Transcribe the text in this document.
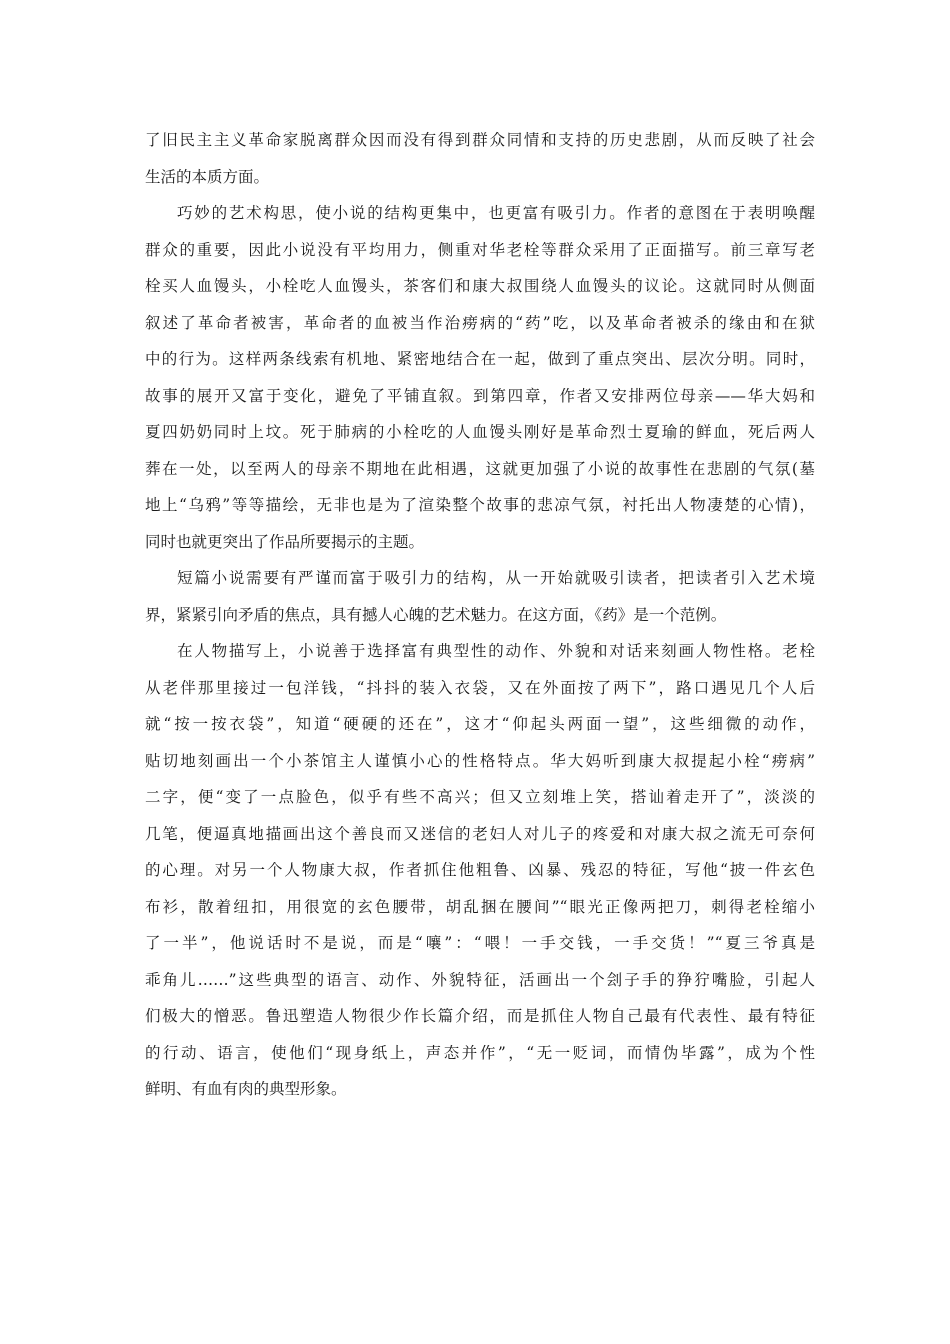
了旧民主主义革命家脱离群众因而没有得到群众同情和支持的历史悲剧，从而反映了社会
生活的本质方面。
巧妙的艺术构思，使小说的结构更集中，也更富有吸引力。作者的意图在于表明唤醒
群众的重要，因此小说没有平均用力，侧重对华老栓等群众采用了正面描写。前三章写老
栓买人血馒头，小栓吃人血馒头，茶客们和康大叔围绕人血馒头的议论。这就同时从侧面
叙述了革命者被害，革命者的血被当作治痨病的“药”吃，以及革命者被杀的缘由和在狱
中的行为。这样两条线索有机地、紧密地结合在一起，做到了重点突出、层次分明。同时，
故事的展开又富于变化，避免了平铺直叙。到第四章，作者又安排两位母亲——华大妈和
夏四奶奶同时上坟。死于肺病的小栓吃的人血馒头刚好是革命烈士夏瑜的鲜血，死后两人
葬在一处，以至两人的母亲不期地在此相遇，这就更加强了小说的故事性在悲剧的气氛(墓
地上“乌鸦”等等描绘，无非也是为了渲染整个故事的悲凉气氛，衬托出人物凄楚的心情)，
同时也就更突出了作品所要揭示的主题。
短篇小说需要有严谨而富于吸引力的结构，从一开始就吸引读者，把读者引入艺术境
界，紧紧引向矛盾的焦点，具有撼人心魄的艺术魅力。在这方面，《药》是一个范例。
在人物描写上，小说善于选择富有典型性的动作、外貌和对话来刻画人物性格。老栓
从老伴那里接过一包洋钱，“抖抖的装入衣袋，又在外面按了两下”，路口遇见几个人后
就“按一按衣袋”，知道“硬硬的还在”，这才“仰起头两面一望”，这些细微的动作，
贴切地刻画出一个小茶馆主人谨慎小心的性格特点。华大妈听到康大叔提起小栓“痨病”
二字，便“变了一点脸色，似乎有些不高兴；但又立刻堆上笑，搭讪着走开了”，淡淡的
几笔，便逼真地描画出这个善良而又迷信的老妇人对儿子的疼爱和对康大叔之流无可奈何
的心理。对另一个人物康大叔，作者抓住他粗鲁、凶暴、残忍的特征，写他“披一件玄色
布衫，散着纽扣，用很宽的玄色腰带，胡乱捆在腰间”“眼光正像两把刀，刺得老栓缩小
了一半”，他说话时不是说，而是“嚷”：“喂！一手交钱，一手交货！”“夏三爷真是
乖角儿……”这些典型的语言、动作、外貌特征，活画出一个刽子手的狰狞嘴脸，引起人
们极大的憎恶。鲁迅塑造人物很少作长篇介绍，而是抓住人物自己最有代表性、最有特征
的行动、语言，使他们“现身纸上，声态并作”，“无一贬词，而情伪毕露”，成为个性
鲜明、有血有肉的典型形象。
